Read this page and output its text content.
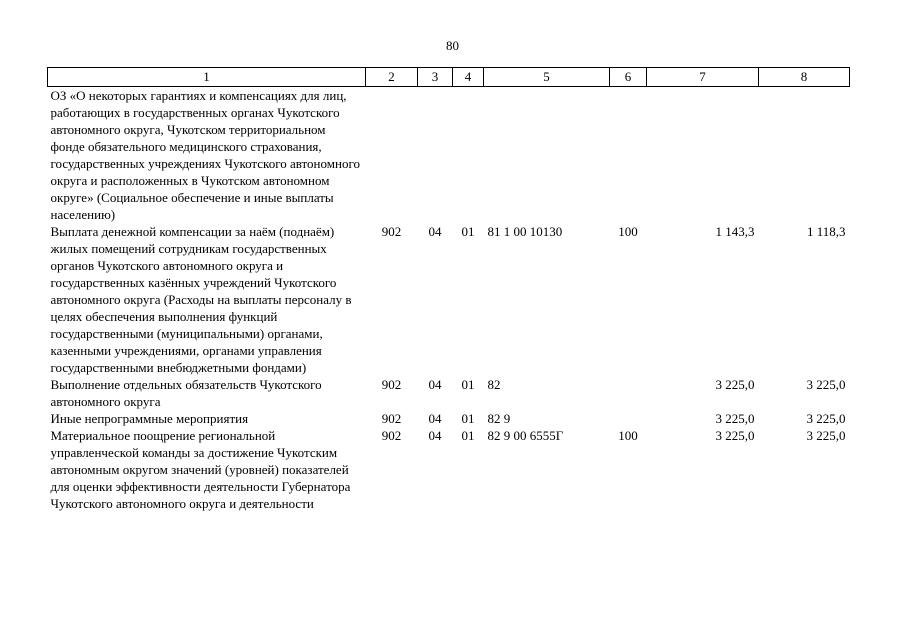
80
1	2	3	4	5	6	7	8
ОЗ «О некоторых гарантиях и компенсациях для лиц, работающих в государственных органах Чукотского автономного округа, Чукотском территориальном фонде обязательного медицинского страхования, государственных учреждениях Чукотского автономного округа и расположенных в Чукотском автономном округе» (Социальное обеспечение и иные выплаты населению)							
Выплата денежной компенсации за наём (поднаём) жилых помещений сотрудникам государственных органов Чукотского автономного округа и государственных казённых учреждений Чукотского автономного округа (Расходы на выплаты персоналу в целях обеспечения выполнения функций государственными (муниципальными) органами, казенными учреждениями, органами управления государственными внебюджетными фондами)	902	04	01	81 1 00 10130	100	1 143,3	1 118,3
Выполнение отдельных обязательств Чукотского автономного округа	902	04	01	82		3 225,0	3 225,0
Иные непрограммные мероприятия	902	04	01	82 9		3 225,0	3 225,0
Материальное поощрение региональной управленческой команды за достижение Чукотским автономным округом значений (уровней) показателей для оценки эффективности деятельности Губернатора Чукотского автономного округа и деятельности	902	04	01	82 9 00 6555Г	100	3 225,0	3 225,0
